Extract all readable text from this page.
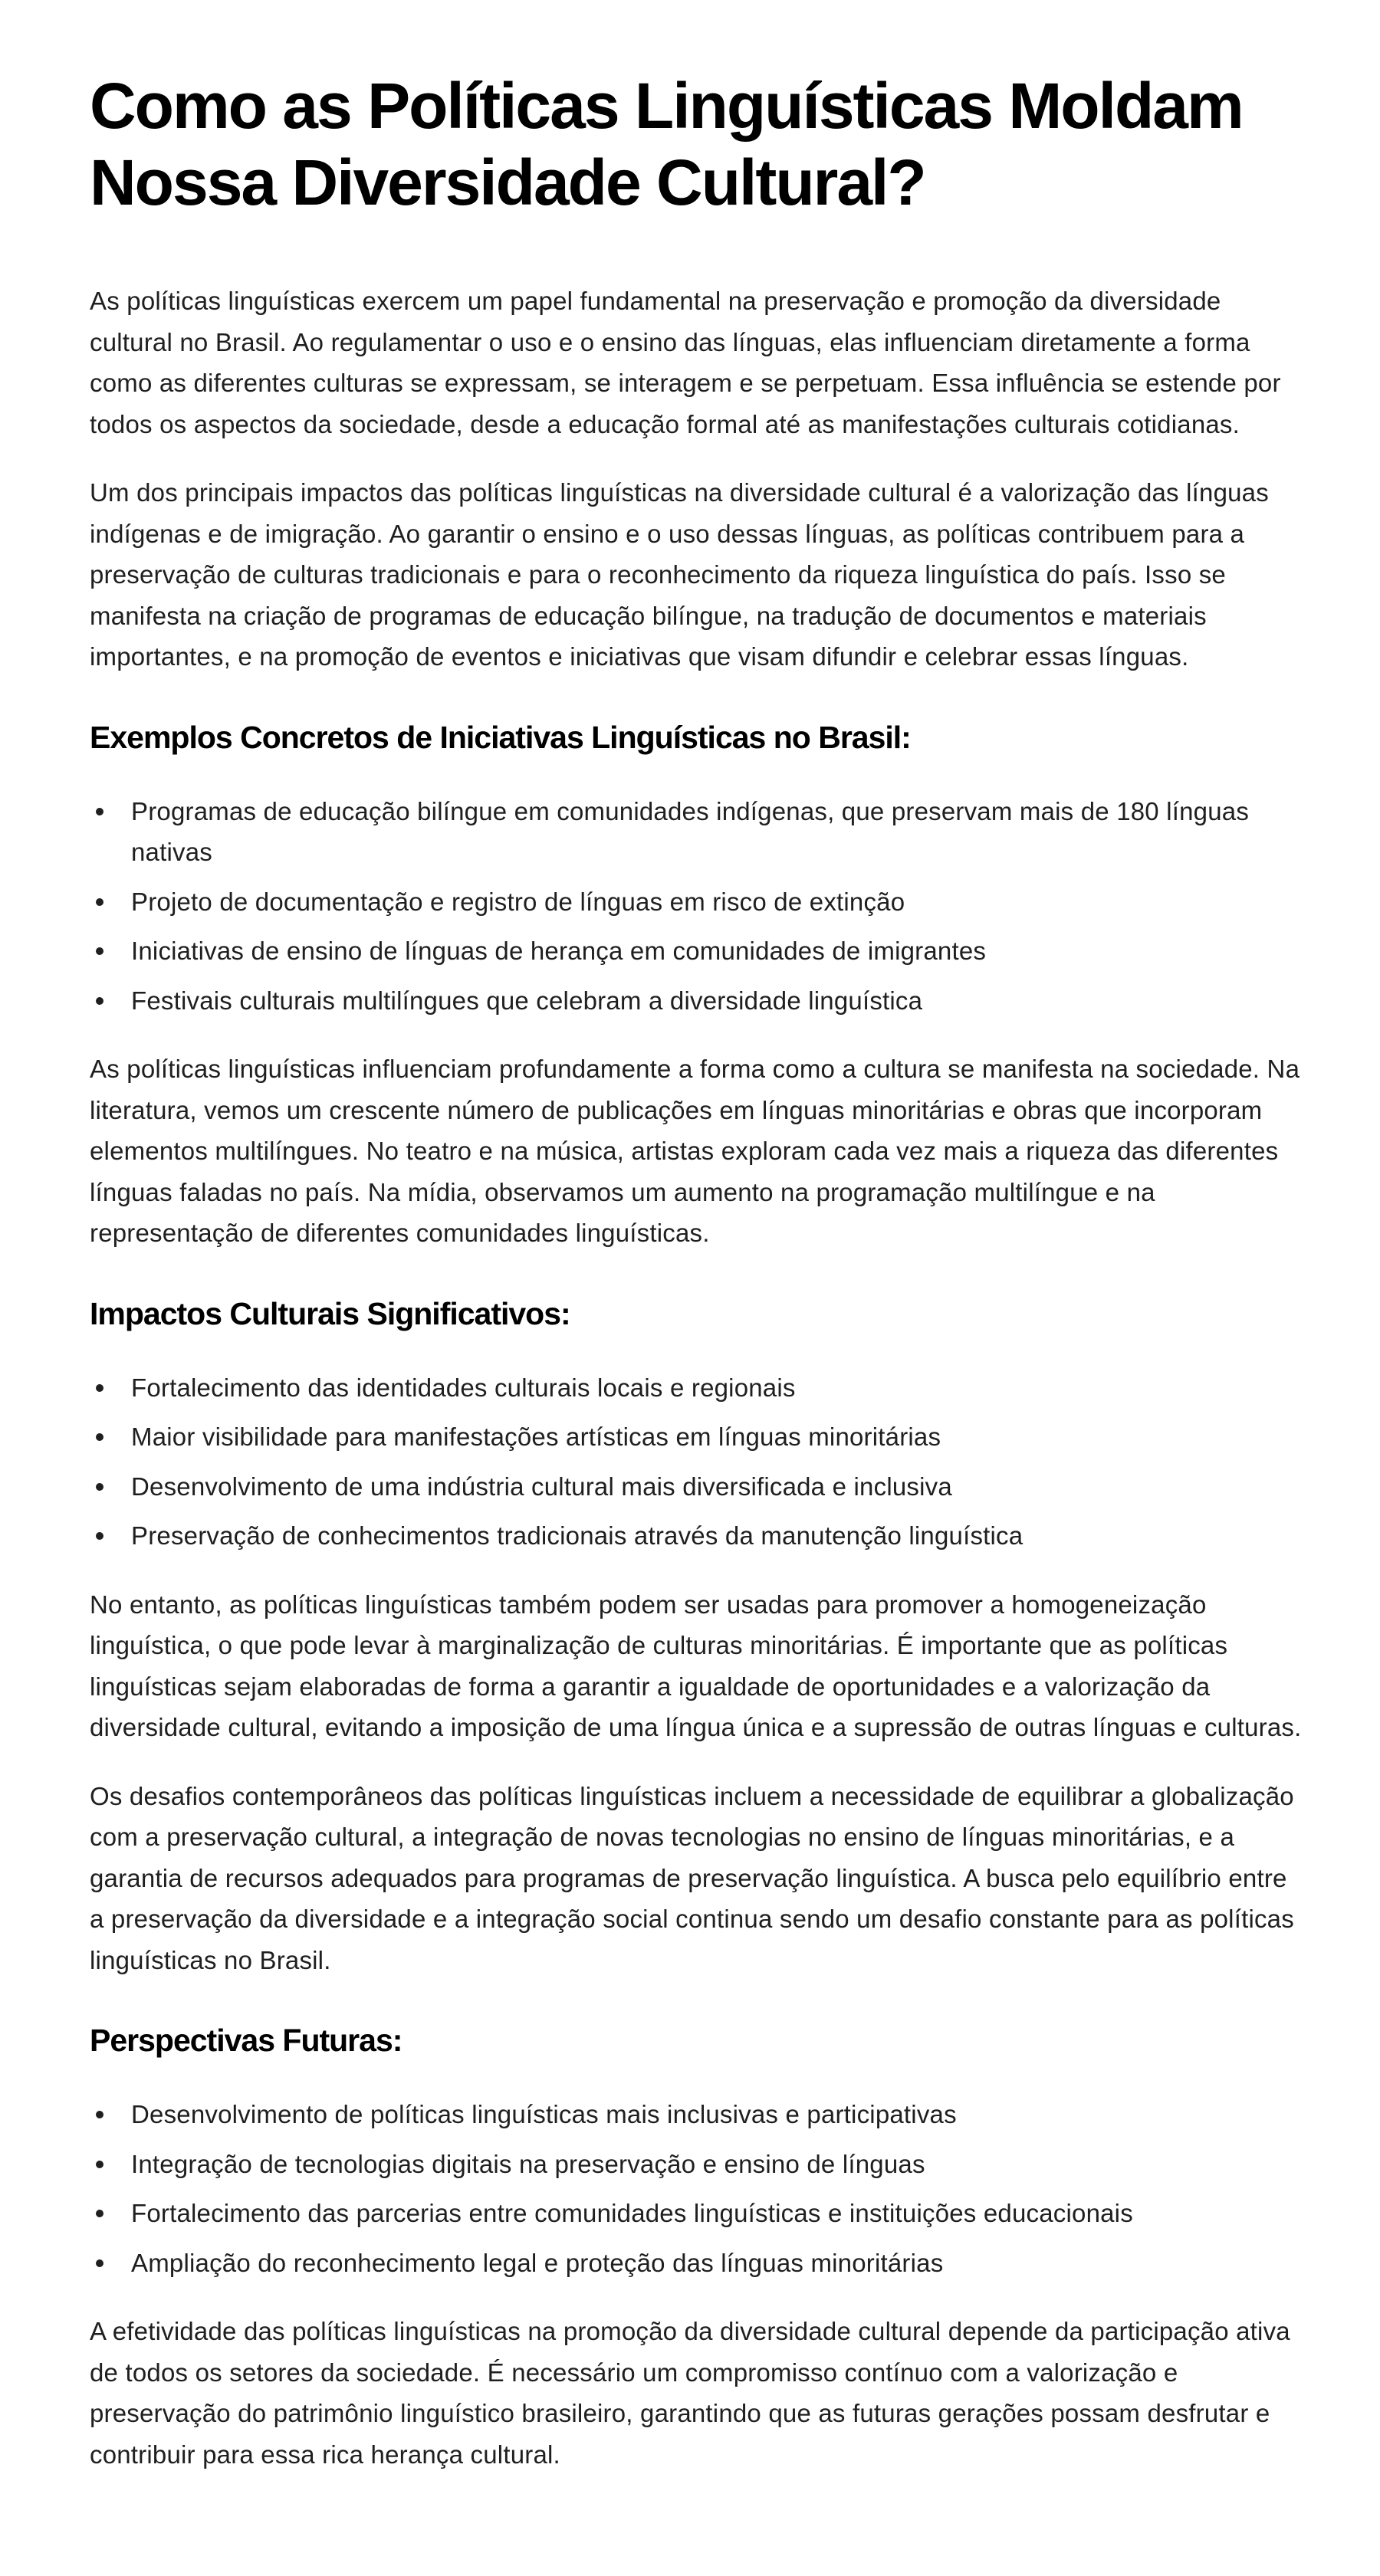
Como as Políticas Linguísticas Moldam Nossa Diversidade Cultural?

As políticas linguísticas exercem um papel fundamental na preservação e promoção da diversidade cultural no Brasil. Ao regulamentar o uso e o ensino das línguas, elas influenciam diretamente a forma como as diferentes culturas se expressam, se interagem e se perpetuam. Essa influência se estende por todos os aspectos da sociedade, desde a educação formal até as manifestações culturais cotidianas.

Um dos principais impactos das políticas linguísticas na diversidade cultural é a valorização das línguas indígenas e de imigração. Ao garantir o ensino e o uso dessas línguas, as políticas contribuem para a preservação de culturas tradicionais e para o reconhecimento da riqueza linguística do país. Isso se manifesta na criação de programas de educação bilíngue, na tradução de documentos e materiais importantes, e na promoção de eventos e iniciativas que visam difundir e celebrar essas línguas.

Exemplos Concretos de Iniciativas Linguísticas no Brasil:
Programas de educação bilíngue em comunidades indígenas, que preservam mais de 180 línguas nativas
Projeto de documentação e registro de línguas em risco de extinção
Iniciativas de ensino de línguas de herança em comunidades de imigrantes
Festivais culturais multilíngues que celebram a diversidade linguística

As políticas linguísticas influenciam profundamente a forma como a cultura se manifesta na sociedade. Na literatura, vemos um crescente número de publicações em línguas minoritárias e obras que incorporam elementos multilíngues. No teatro e na música, artistas exploram cada vez mais a riqueza das diferentes línguas faladas no país. Na mídia, observamos um aumento na programação multilíngue e na representação de diferentes comunidades linguísticas.

Impactos Culturais Significativos:
Fortalecimento das identidades culturais locais e regionais
Maior visibilidade para manifestações artísticas em línguas minoritárias
Desenvolvimento de uma indústria cultural mais diversificada e inclusiva
Preservação de conhecimentos tradicionais através da manutenção linguística

No entanto, as políticas linguísticas também podem ser usadas para promover a homogeneização linguística, o que pode levar à marginalização de culturas minoritárias. É importante que as políticas linguísticas sejam elaboradas de forma a garantir a igualdade de oportunidades e a valorização da diversidade cultural, evitando a imposição de uma língua única e a supressão de outras línguas e culturas.

Os desafios contemporâneos das políticas linguísticas incluem a necessidade de equilibrar a globalização com a preservação cultural, a integração de novas tecnologias no ensino de línguas minoritárias, e a garantia de recursos adequados para programas de preservação linguística. A busca pelo equilíbrio entre a preservação da diversidade e a integração social continua sendo um desafio constante para as políticas linguísticas no Brasil.

Perspectivas Futuras:
Desenvolvimento de políticas linguísticas mais inclusivas e participativas
Integração de tecnologias digitais na preservação e ensino de línguas
Fortalecimento das parcerias entre comunidades linguísticas e instituições educacionais
Ampliação do reconhecimento legal e proteção das línguas minoritárias

A efetividade das políticas linguísticas na promoção da diversidade cultural depende da participação ativa de todos os setores da sociedade. É necessário um compromisso contínuo com a valorização e preservação do patrimônio linguístico brasileiro, garantindo que as futuras gerações possam desfrutar e contribuir para essa rica herança cultural.
